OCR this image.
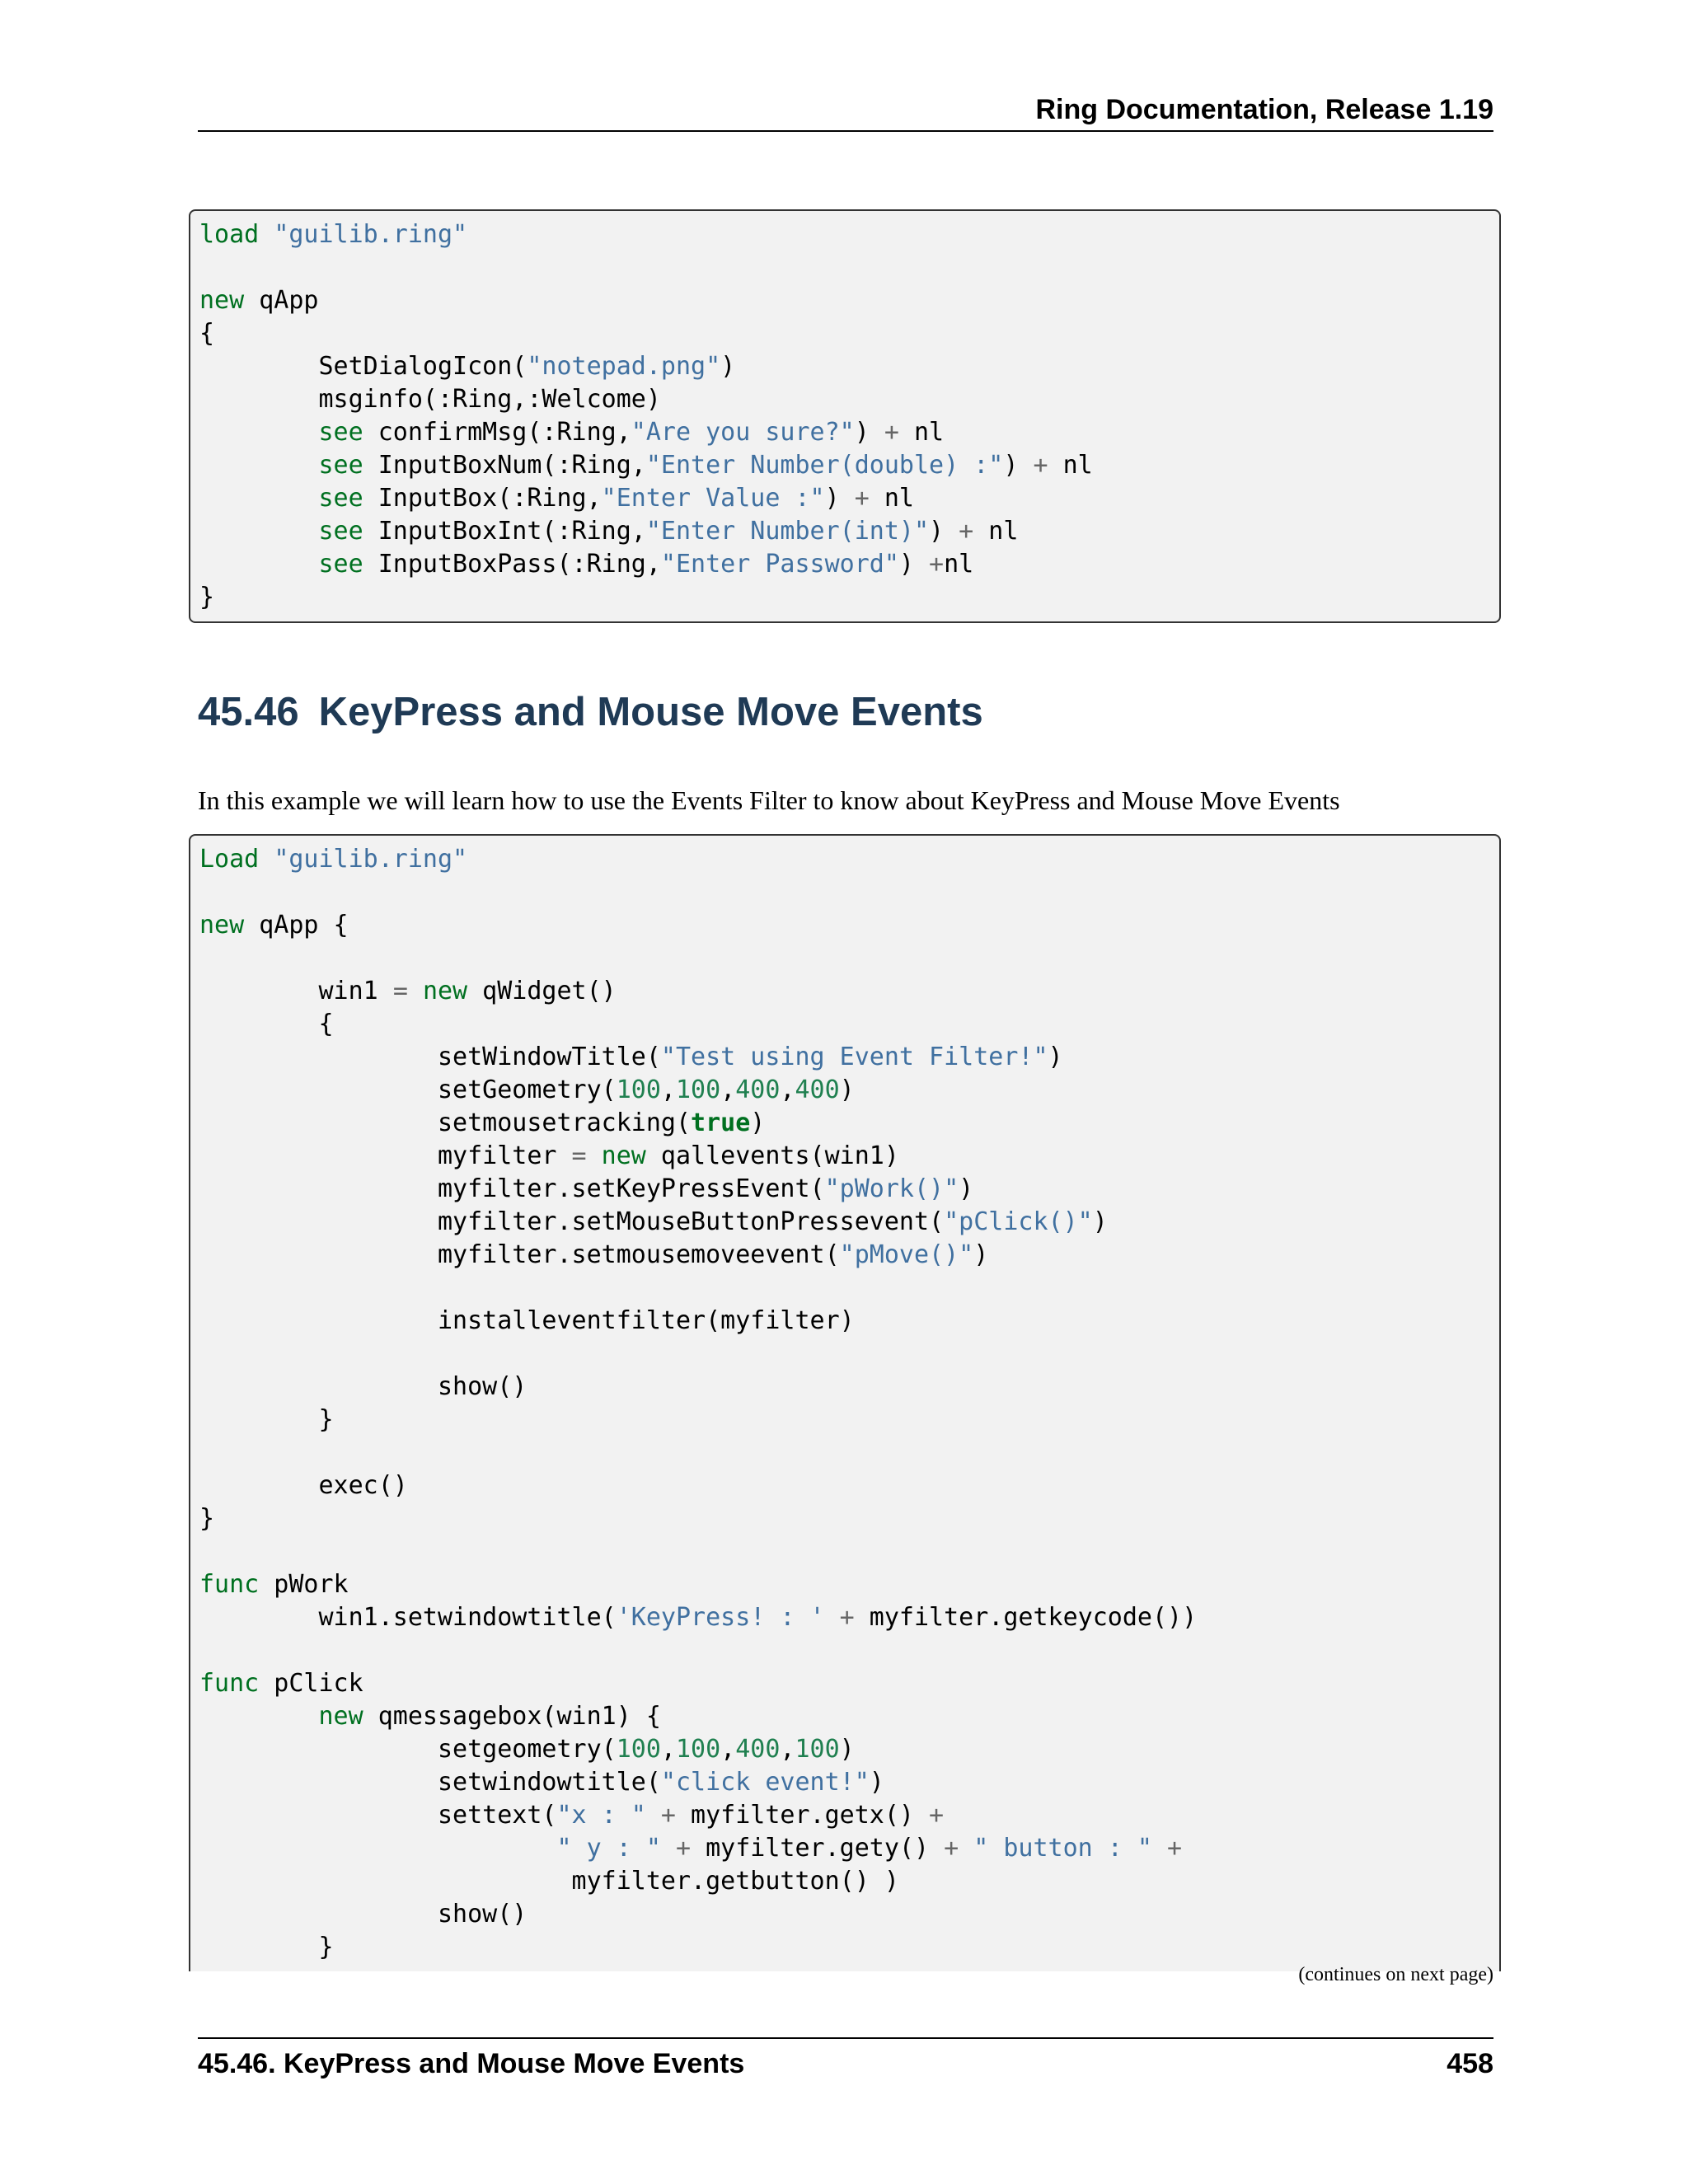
Ring Documentation, Release 1.19
load "guilib.ring"
new qApp
{
SetDialogIcon("notepad.png")
msginfo(:Ring,:Welcome)
see confirmMsg(:Ring,"Are you sure?") + nl
see InputBoxNum(:Ring,"Enter Number(double) :") + nl
see InputBox(:Ring,"Enter Value :") + nl
see InputBoxInt(:Ring,"Enter Number(int)") + nl
see InputBoxPass(:Ring,"Enter Password") +nl
}
45.46 KeyPress and Mouse Move Events

In this example we will learn how to use the Events Filter to know about KeyPress and Mouse Move Events

Load "guilib.ring"
new qApp {
win1 = new qWidget()
{
setWindowTitle("Test using Event Filter!")
setGeometry(100,100,400,400)
setmousetracking(true)
myfilter = new qallevents(win1)
myfilter.setKeyPressEvent("pWork()")
myfilter.setMouseButtonPressevent("pClick()")
myfilter.setmousemoveevent("pMove()")
installeventfilter(myfilter)
show()
}
exec()
}
func pWork
win1.setwindowtitle('KeyPress! : ' + myfilter.getkeycode())
func pClick
new qmessagebox(win1) {
setgeometry(100,100,400,100)
setwindowtitle("click event!")
settext("x : " + myfilter.getx() +
" y : " + myfilter.gety() + " button : " +
myfilter.getbutton() )
show()
}
(continues on next page)
45.46. KeyPress and Mouse Move Events	458
